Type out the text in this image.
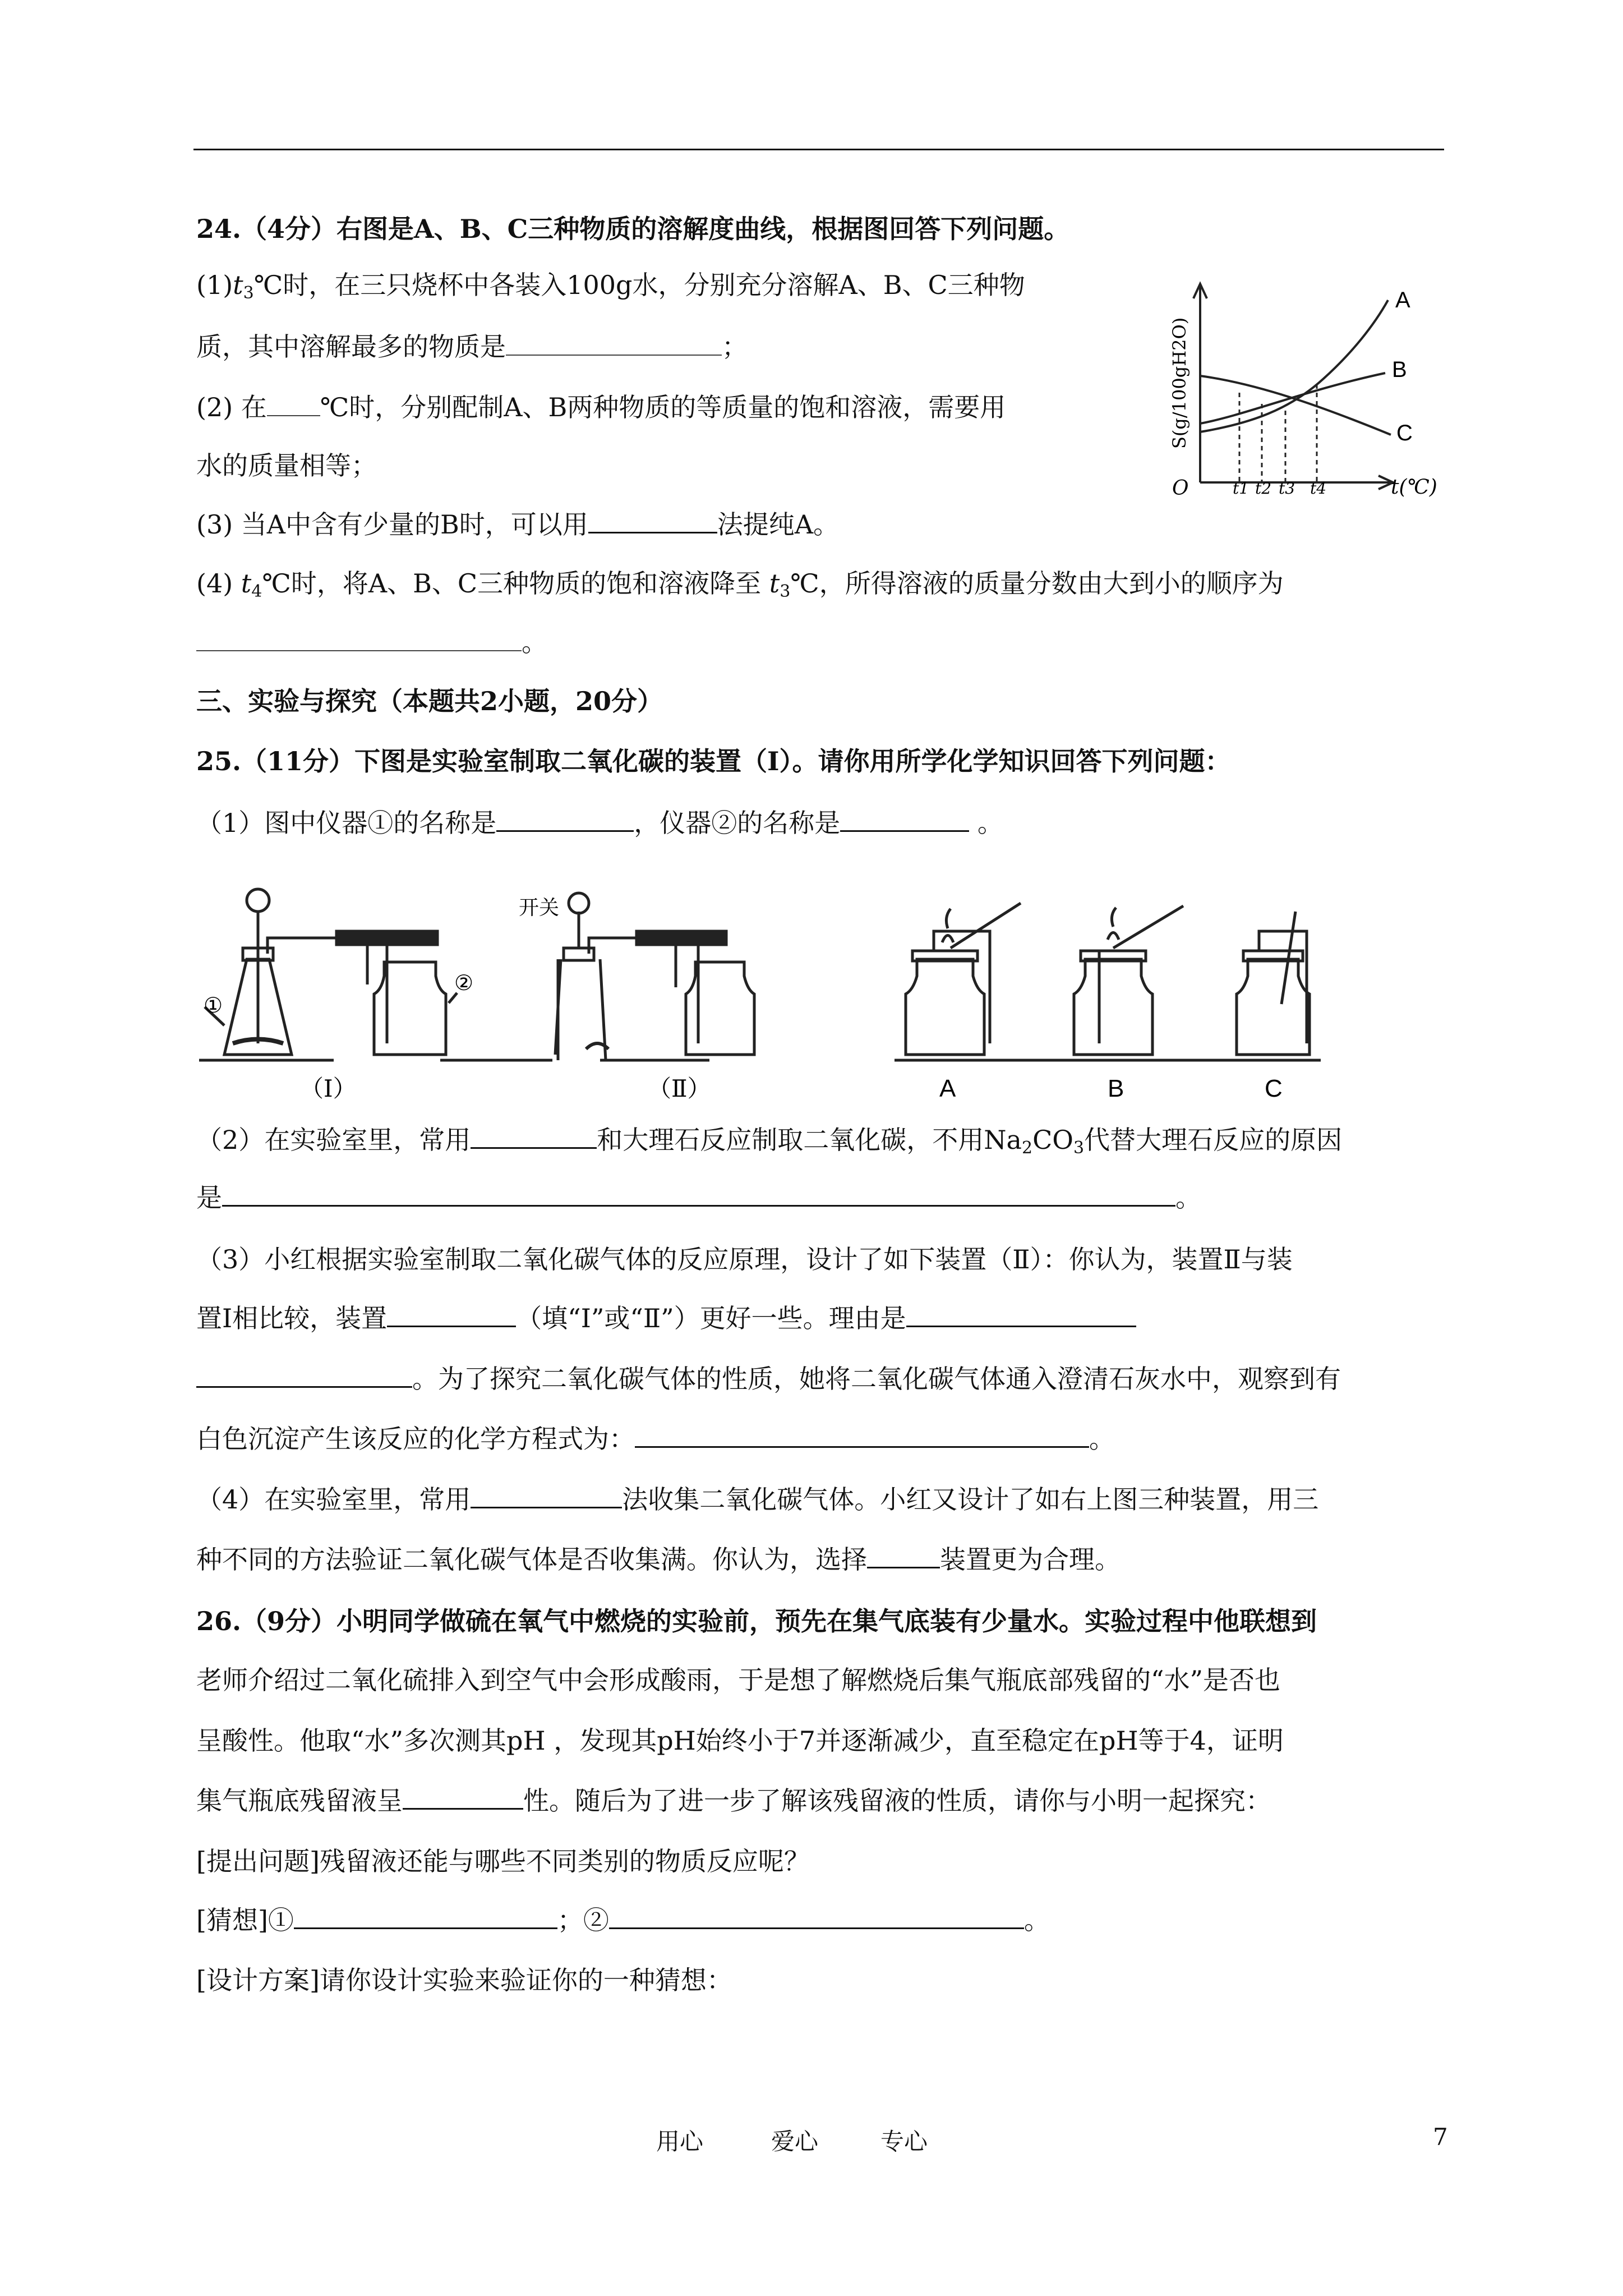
24.（4分）右图是A、B、C三种物质的溶解度曲线，根据图回答下列问题。
$(1)t_3℃$时，在三只烧杯中各装入100g水，分别充分溶解A、B、C三种物
质，其中溶解最多的物质是	；
(2) 在 ℃时，分别配制A、B两种物质的等质量的饱和溶液，需要用
水的质量相等；
(3) 当A中含有少量的B时，可以用	法提纯A。
(4) $t_4℃$时，将A、B、C三种物质的饱和溶液降至 $t_3℃$，所得溶液的质量分数由大到小的顺序为
。
A
B
C
O	t1 t2 t3 t4	t(℃)
S(g/100gH2O)
三、实验与探究（本题共2小题，20分）
25.（11分）下图是实验室制取二氧化碳的装置（Ⅰ）。请你用所学化学知识回答下列问题：
（1）图中仪器①的名称是	，仪器②的名称是	。
①
②
开关
（Ⅰ）	（Ⅱ）	A	B	C
（2）在实验室里，常用	和大理石反应制取二氧化碳，不用$Na_2CO_3$代替大理石反应的原因
是	。
（3）小红根据实验室制取二氧化碳气体的反应原理，设计了如下装置（Ⅱ）：你认为，装置Ⅱ与装
置Ⅰ相比较，装置	（填“Ⅰ”或“Ⅱ”）更好一些。理由是
。为了探究二氧化碳气体的性质，她将二氧化碳气体通入澄清石灰水中，观察到有
白色沉淀产生该反应的化学方程式为：	。
（4）在实验室里，常用	法收集二氧化碳气体。小红又设计了如右上图三种装置，用三
种不同的方法验证二氧化碳气体是否收集满。你认为，选择	装置更为合理。
26.（9分）小明同学做硫在氧气中燃烧的实验前，预先在集气底装有少量水。实验过程中他联想到
老师介绍过二氧化硫排入到空气中会形成酸雨，于是想了解燃烧后集气瓶底部残留的“水”是否也
呈酸性。他取“水”多次测其pH ，发现其pH始终小于7并逐渐减少，直至稳定在pH等于4，证明
集气瓶底残留液呈	性。随后为了进一步了解该残留液的性质，请你与小明一起探究：
[提出问题]残留液还能与哪些不同类别的物质反应呢？
[猜想]①	；②	。
[设计方案]请你设计实验来验证你的一种猜想：
用心	爱心	专心	7
